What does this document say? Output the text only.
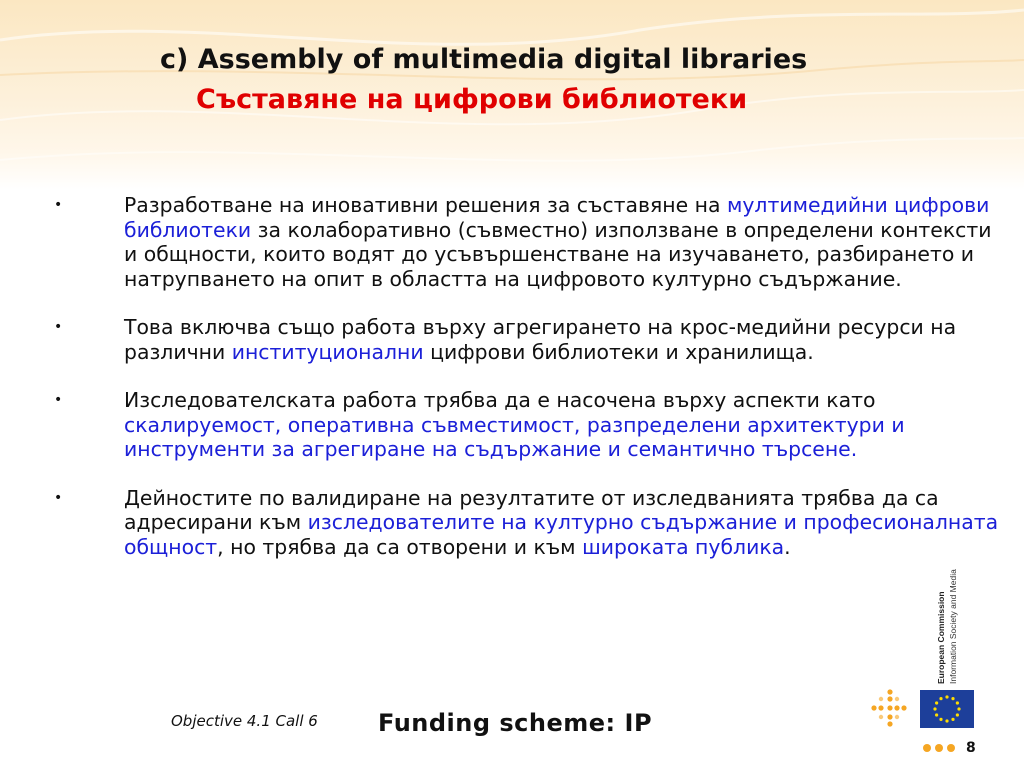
c) Assembly of multimedia digital libraries
Съставяне на цифрови библиотеки
•	Разработване на иновативни решения за съставяне на мултимедийни цифрови библиотеки за колаборативно (съвместно) използване в определени контексти и общности, които водят до усъвършенстване на изучаването, разбирането и натрупването на опит в областта на цифровото културно съдържание.
•	Това включва също работа върху агрегирането на крос-медийни ресурси на различни институционални цифрови библиотеки и хранилища.
•	Изследователската работа трябва да е насочена върху аспекти като скалируемост, оперативна съвместимост, разпределени архитектури и инструменти за агрегиране на съдържание и семантично търсене.
•	Дейностите по валидиране на резултатите от изследванията трябва да са адресирани към изследователите на културно съдържание и професионалната общност, но трябва да са отворени и към широката публика.
European Commission Information Society and Media
Objective 4.1 Call 6	Funding scheme: IP
8
